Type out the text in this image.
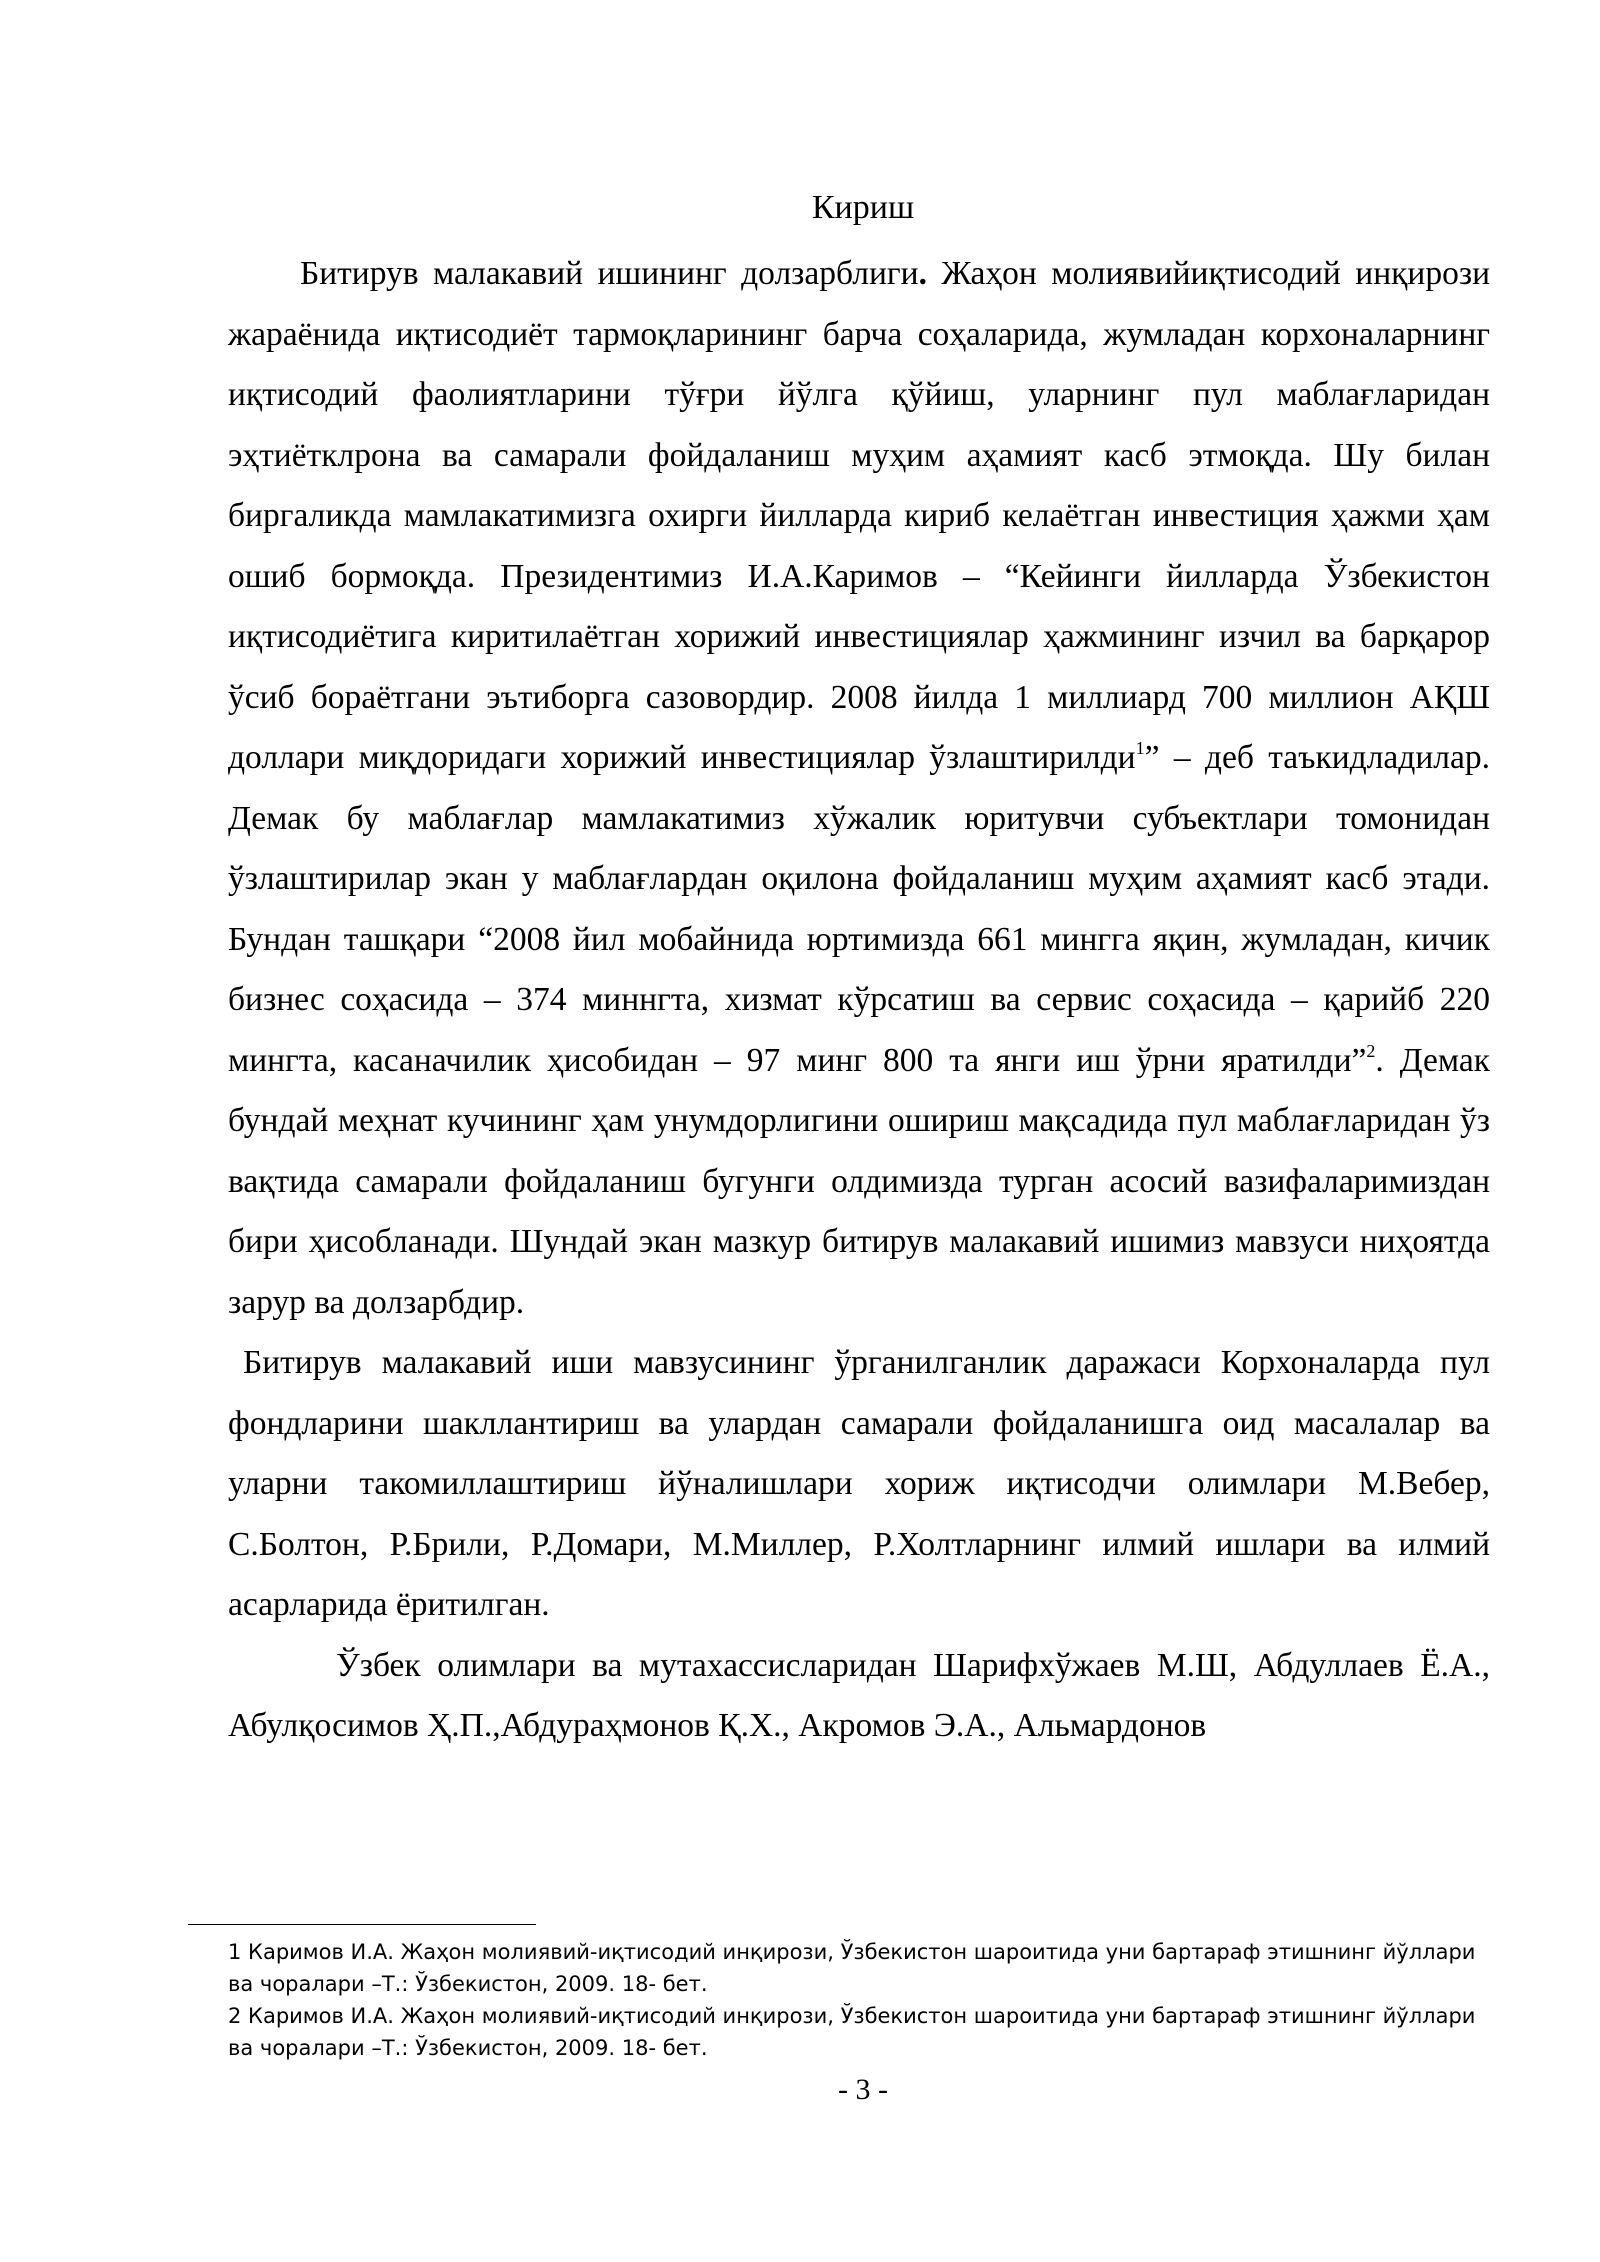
Кириш

Битирув малакавий ишининг долзарблиги. Жаҳон молиявийиқтисодий инқирози жараёнида иқтисодиёт тармоқларининг барча соҳаларида, жумладан корхоналарнинг иқтисодий фаолиятларини тўғри йўлга қўйиш, уларнинг пул маблағларидан эҳтиётклрона ва самарали фойдаланиш муҳим аҳамият касб этмоқда. Шу билан биргаликда мамлакатимизга охирги йилларда кириб келаётган инвестиция ҳажми ҳам ошиб бормоқда. Президентимиз И.А.Каримов – “Кейинги йилларда Ўзбекистон иқтисодиётига киритилаётган хорижий инвестициялар ҳажмининг изчил ва барқарор ўсиб бораётгани эътиборга сазовордир. 2008 йилда 1 миллиард 700 миллион АҚШ доллари миқдоридаги хорижий инвестициялар ўзлаштирилди$^1$” – деб таъкидладилар. Демак бу маблағлар мамлакатимиз хўжалик юритувчи субъектлари томонидан ўзлаштирилар экан у маблағлардан оқилона фойдаланиш муҳим аҳамият касб этади. Бундан ташқари “2008 йил мобайнида юртимизда 661 мингга яқин, жумладан, кичик бизнес соҳасида – 374 миннгта, хизмат кўрсатиш ва сервис соҳасида – қарийб 220 мингта, касаначилик ҳисобидан – 97 минг 800 та янги иш ўрни яратилди”$^2$. Демак бундай меҳнат кучининг ҳам унумдорлигини ошириш мақсадида пул маблағларидан ўз вақтида самарали фойдаланиш бугунги олдимизда турган асосий вазифаларимиздан бири ҳисобланади. Шундай экан мазкур битирув малакавий ишимиз мавзуси ниҳоятда зарур ва долзарбдир.

Битирув малакавий иши мавзусининг ўрганилганлик даражаси Корхоналарда пул фондларини шакллантириш ва улардан самарали фойдаланишга оид масалалар ва уларни такомиллаштириш йўналишлари хориж иқтисодчи олимлари М.Вебер, С.Болтон, Р.Брили, Р.Домари, М.Миллер, Р.Холтларнинг илмий ишлари ва илмий асарларида ёритилган.

Ўзбек олимлари ва мутахассисларидан Шарифхўжаев М.Ш, Абдуллаев Ё.А., Абулқосимов Ҳ.П.,Абдураҳмонов Қ.Х., Акромов Э.А., Альмардонов

1 Каримов И.А. Жаҳон молиявий-иқтисодий инқирози, Ўзбекистон шароитида уни бартараф этишнинг йўллари ва чоралари –Т.: Ўзбекистон, 2009. 18- бет.

2 Каримов И.А. Жаҳон молиявий-иқтисодий инқирози, Ўзбекистон шароитида уни бартараф этишнинг йўллари ва чоралари –Т.: Ўзбекистон, 2009. 18- бет.

- 3 -
